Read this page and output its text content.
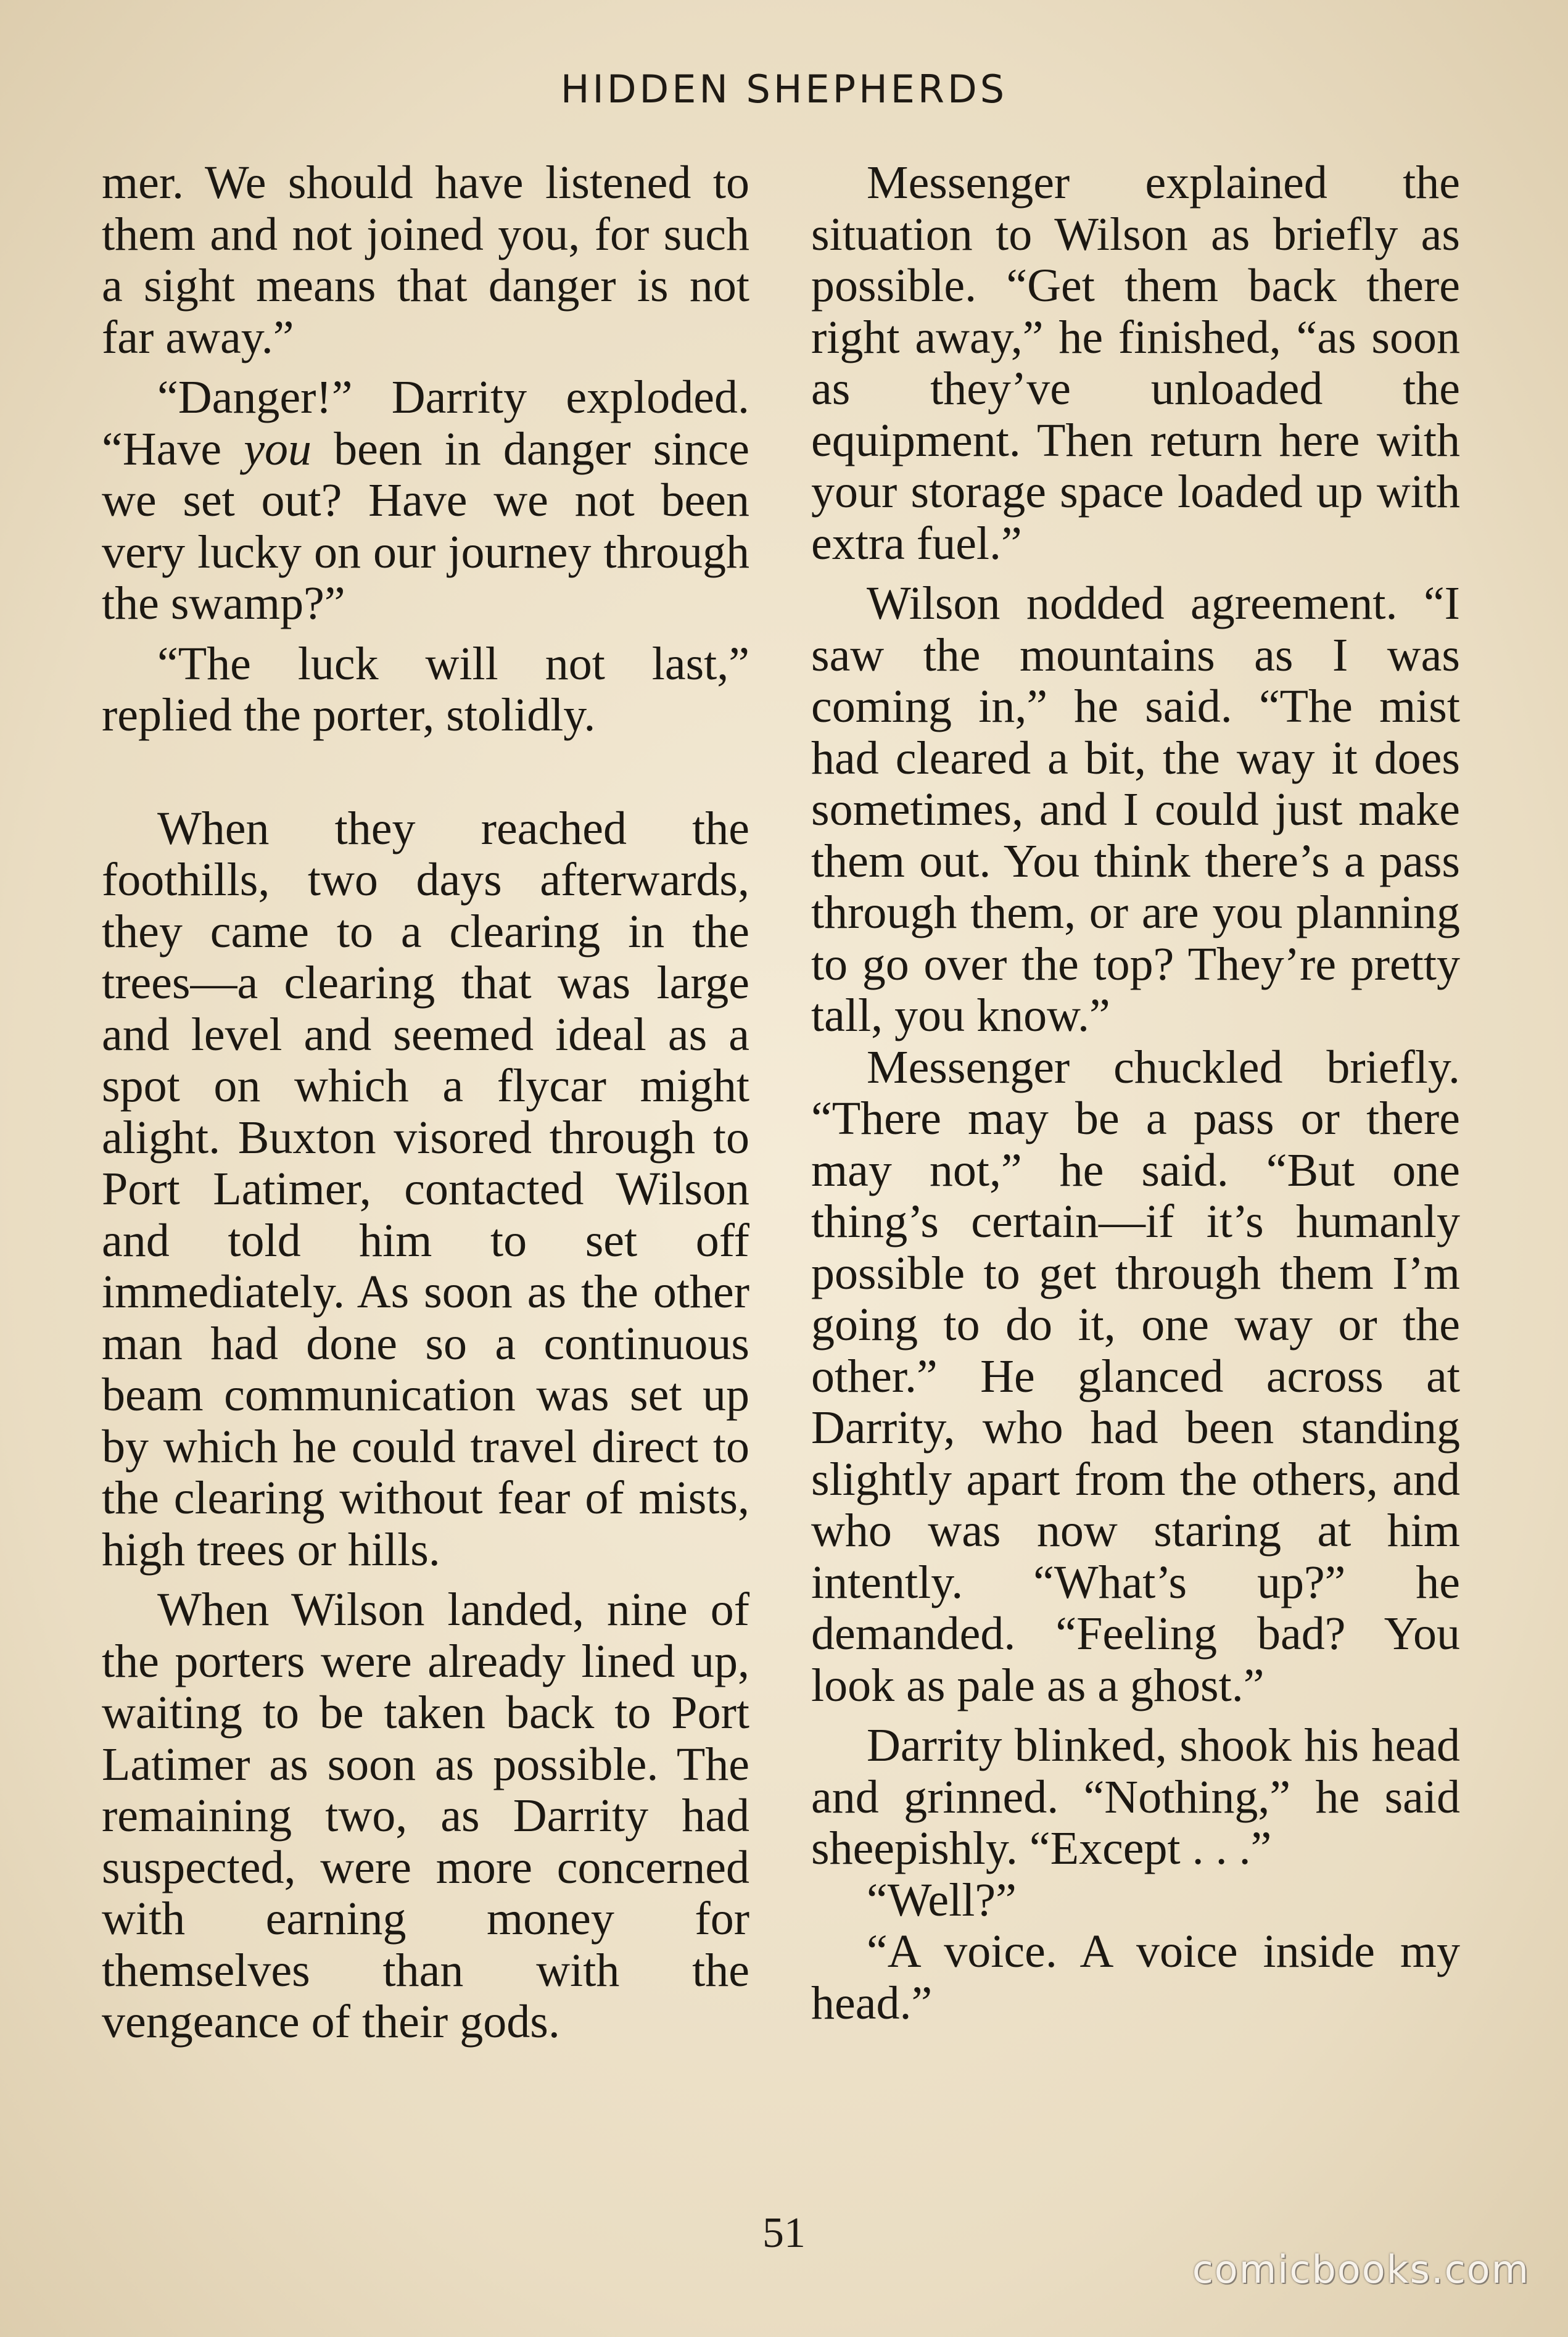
HIDDEN SHEPHERDS

mer. We should have listened to them and not joined you, for such a sight means that danger is not far away.”

“Danger!” Darrity exploded. “Have you been in danger since we set out? Have we not been very lucky on our journey through the swamp?”

“The luck will not last,” replied the porter, stolidly.

When they reached the foothills, two days afterwards, they came to a clearing in the trees—a clearing that was large and level and seemed ideal as a spot on which a flycar might alight. Buxton visored through to Port Latimer, contacted Wilson and told him to set off immediately. As soon as the other man had done so a continuous beam communication was set up by which he could travel direct to the clearing without fear of mists, high trees or hills.

When Wilson landed, nine of the porters were already lined up, waiting to be taken back to Port Latimer as soon as possible. The remaining two, as Darrity had suspected, were more concerned with earning money for themselves than with the vengeance of their gods.

Messenger explained the situation to Wilson as briefly as possible. “Get them back there right away,” he finished, “as soon as they’ve unloaded the equipment. Then return here with your storage space loaded up with extra fuel.”

Wilson nodded agreement. “I saw the mountains as I was coming in,” he said. “The mist had cleared a bit, the way it does sometimes, and I could just make them out. You think there’s a pass through them, or are you planning to go over the top? They’re pretty tall, you know.”

Messenger chuckled briefly. “There may be a pass or there may not,” he said. “But one thing’s certain—if it’s humanly possible to get through them I’m going to do it, one way or the other.” He glanced across at Darrity, who had been standing slightly apart from the others, and who was now staring at him intently. “What’s up?” he demanded. “Feeling bad? You look as pale as a ghost.”

Darrity blinked, shook his head and grinned. “Nothing,” he said sheepishly. “Except . . .”

“Well?”

“A voice. A voice inside my head.”

51
comicbooks.com
